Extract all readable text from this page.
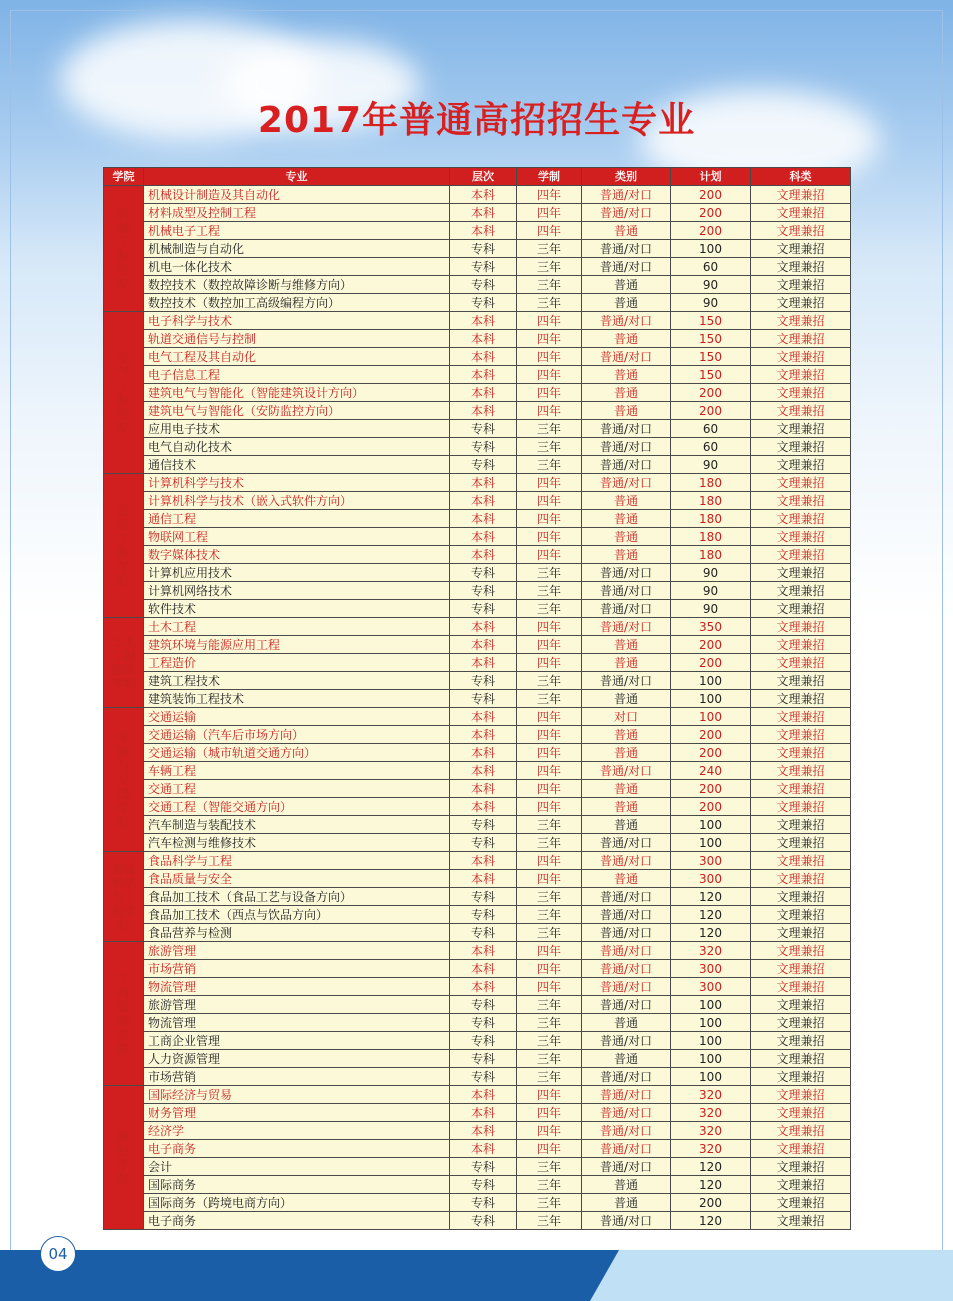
2017年普通高招招生专业
学院	专业	层次	学制	类别	计划	科类
机械工程学院	机械设计制造及其自动化	本科	四年	普通/对口	200	文理兼招
	材料成型及控制工程	本科	四年	普通/对口	200	文理兼招
	机械电子工程	本科	四年	普通	200	文理兼招
	机械制造与自动化	专科	三年	普通/对口	100	文理兼招
	机电一体化技术	专科	三年	普通/对口	60	文理兼招
	数控技术（数控故障诊断与维修方向）	专科	三年	普通	90	文理兼招
	数控技术（数控加工高级编程方向）	专科	三年	普通	90	文理兼招
电气工程学院	电子科学与技术	本科	四年	普通/对口	150	文理兼招
	轨道交通信号与控制	本科	四年	普通	150	文理兼招
	电气工程及其自动化	本科	四年	普通/对口	150	文理兼招
	电子信息工程	本科	四年	普通	150	文理兼招
	建筑电气与智能化（智能建筑设计方向）	本科	四年	普通	200	文理兼招
	建筑电气与智能化（安防监控方向）	本科	四年	普通	200	文理兼招
	应用电子技术	专科	三年	普通/对口	60	文理兼招
	电气自动化技术	专科	三年	普通/对口	60	文理兼招
	通信技术	专科	三年	普通/对口	90	文理兼招
信息工程学院	计算机科学与技术	本科	四年	普通/对口	180	文理兼招
	计算机科学与技术（嵌入式软件方向）	本科	四年	普通	180	文理兼招
	通信工程	本科	四年	普通	180	文理兼招
	物联网工程	本科	四年	普通	180	文理兼招
	数字媒体技术	本科	四年	普通	180	文理兼招
	计算机应用技术	专科	三年	普通/对口	90	文理兼招
	计算机网络技术	专科	三年	普通/对口	90	文理兼招
	软件技术	专科	三年	普通/对口	90	文理兼招
土木工程建筑学院	土木工程	本科	四年	普通/对口	350	文理兼招
	建筑环境与能源应用工程	本科	四年	普通	200	文理兼招
	工程造价	本科	四年	普通	200	文理兼招
	建筑工程技术	专科	三年	普通/对口	100	文理兼招
	建筑装饰工程技术	专科	三年	普通	100	文理兼招
车辆与交通学院	交通运输	本科	四年	对口	100	文理兼招
	交通运输（汽车后市场方向）	本科	四年	普通	200	文理兼招
	交通运输（城市轨道交通方向）	本科	四年	普通	200	文理兼招
	车辆工程	本科	四年	普通/对口	240	文理兼招
	交通工程	本科	四年	普通	200	文理兼招
	交通工程（智能交通方向）	本科	四年	普通	200	文理兼招
	汽车制造与装配技术	专科	三年	普通	100	文理兼招
	汽车检测与维修技术	专科	三年	普通/对口	100	文理兼招
食品科学与工程学院	食品科学与工程	本科	四年	普通/对口	300	文理兼招
	食品质量与安全	本科	四年	普通	300	文理兼招
	食品加工技术（食品工艺与设备方向）	专科	三年	普通/对口	120	文理兼招
	食品加工技术（西点与饮品方向）	专科	三年	普通/对口	120	文理兼招
	食品营养与检测	专科	三年	普通/对口	120	文理兼招
工商管理学院	旅游管理	本科	四年	普通/对口	320	文理兼招
	市场营销	本科	四年	普通/对口	300	文理兼招
	物流管理	本科	四年	普通/对口	300	文理兼招
	旅游管理	专科	三年	普通/对口	100	文理兼招
	物流管理	专科	三年	普通	100	文理兼招
	工商企业管理	专科	三年	普通/对口	100	文理兼招
	人力资源管理	专科	三年	普通	100	文理兼招
	市场营销	专科	三年	普通/对口	100	文理兼招
财经学院	国际经济与贸易	本科	四年	普通/对口	320	文理兼招
	财务管理	本科	四年	普通/对口	320	文理兼招
	经济学	本科	四年	普通/对口	320	文理兼招
	电子商务	本科	四年	普通/对口	320	文理兼招
	会计	专科	三年	普通/对口	120	文理兼招
	国际商务	专科	三年	普通	120	文理兼招
	国际商务（跨境电商方向）	专科	三年	普通	200	文理兼招
	电子商务	专科	三年	普通/对口	120	文理兼招
04
